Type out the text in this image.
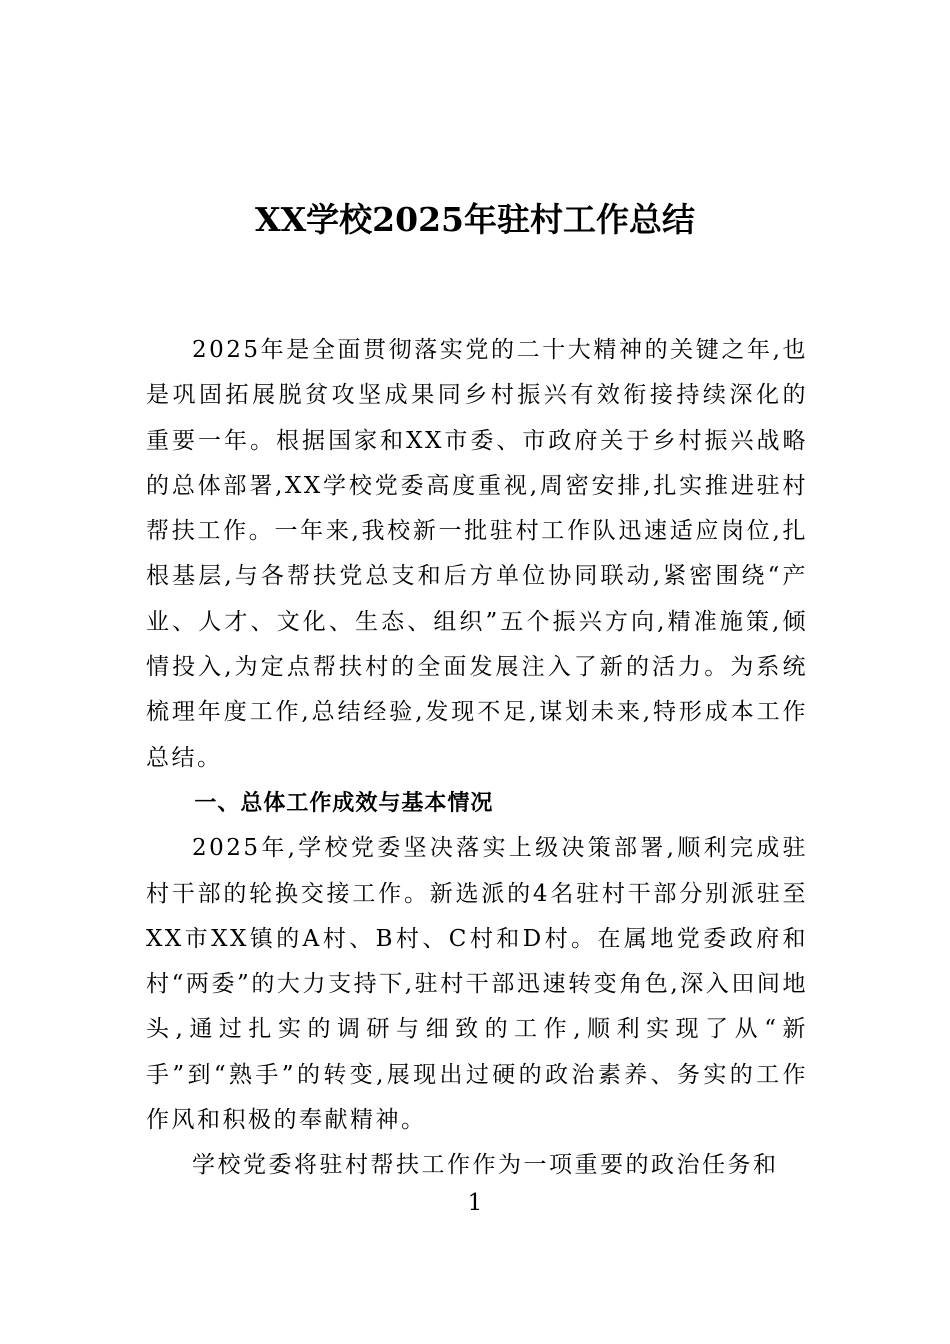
XX学校2025年驻村工作总结

2025年是全面贯彻落实党的二十大精神的关键之年,也是巩固拓展脱贫攻坚成果同乡村振兴有效衔接持续深化的重要一年。根据国家和XX市委、市政府关于乡村振兴战略的总体部署,XX学校党委高度重视,周密安排,扎实推进驻村帮扶工作。一年来,我校新一批驻村工作队迅速适应岗位,扎根基层,与各帮扶党总支和后方单位协同联动,紧密围绕“产业、人才、文化、生态、组织”五个振兴方向,精准施策,倾情投入,为定点帮扶村的全面发展注入了新的活力。为系统梳理年度工作,总结经验,发现不足,谋划未来,特形成本工作总结。

一、总体工作成效与基本情况

2025年,学校党委坚决落实上级决策部署,顺利完成驻村干部的轮换交接工作。新选派的4名驻村干部分别派驻至XX市XX镇的A村、B村、C村和D村。在属地党委政府和村“两委”的大力支持下,驻村干部迅速转变角色,深入田间地头,通过扎实的调研与细致的工作,顺利实现了从“新手”到“熟手”的转变,展现出过硬的政治素养、务实的工作作风和积极的奉献精神。

学校党委将驻村帮扶工作作为一项重要的政治任务和

1
